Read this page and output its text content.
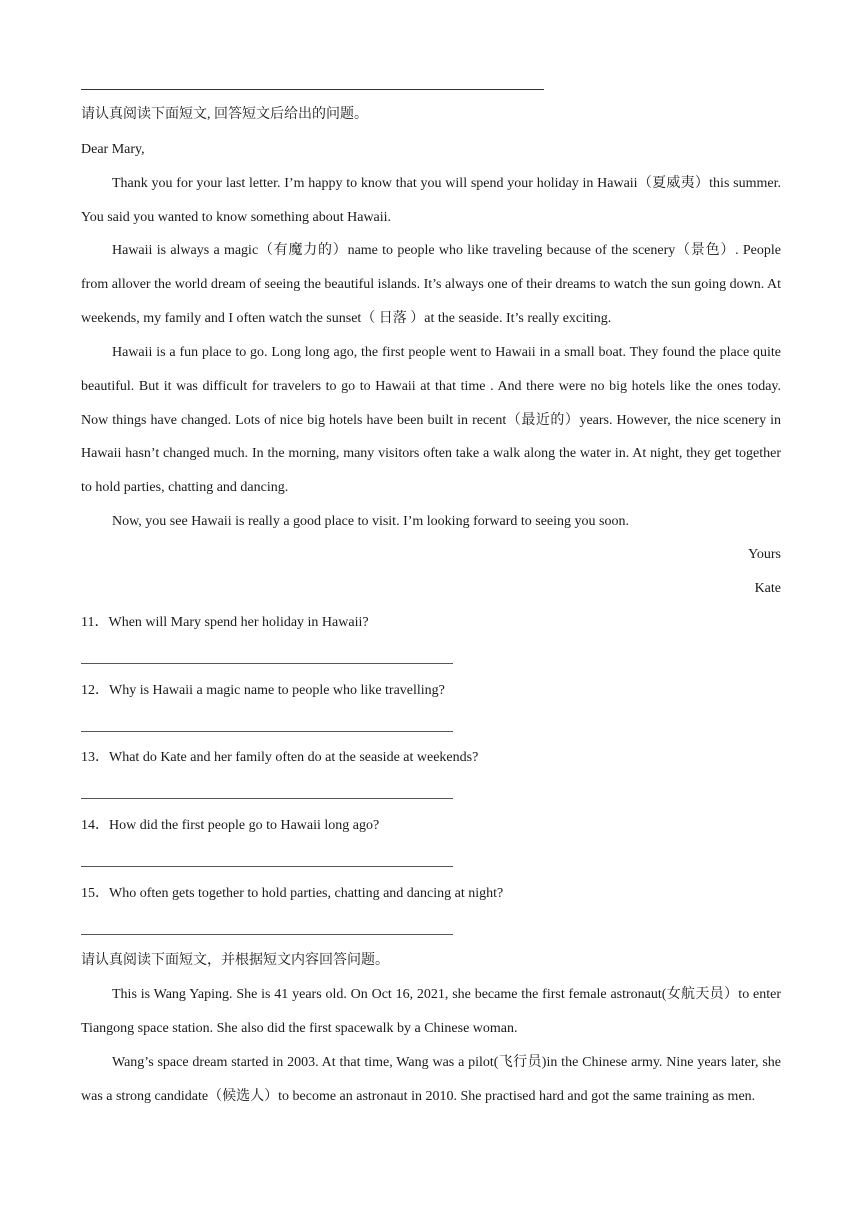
请认真阅读下面短文, 回答短文后给出的问题。
Dear Mary,
Thank you for your last letter. I’m happy to know that you will spend your holiday in Hawaii（夏威夷）this summer. You said you wanted to know something about Hawaii.
Hawaii is always a magic（有魔力的）name to people who like traveling because of the scenery（景色）. People from allover the world dream of seeing the beautiful islands. It’s always one of their dreams to watch the sun going down. At weekends, my family and I often watch the sunset（ 日落 ）at the seaside. It’s really exciting.
Hawaii is a fun place to go. Long long ago, the first people went to Hawaii in a small boat. They found the place quite beautiful. But it was difficult for travelers to go to Hawaii at that time . And there were no big hotels like the ones today. Now things have changed. Lots of nice big hotels have been built in recent（最近的）years. However, the nice scenery in Hawaii hasn’t changed much. In the morning, many visitors often take a walk along the water in. At night, they get together to hold parties, chatting and dancing.
Now, you see Hawaii is really a good place to visit. I’m looking forward to seeing you soon.
Yours
Kate
11．When will Mary spend her holiday in Hawaii?
12．Why is Hawaii a magic name to people who like travelling?
13．What do Kate and her family often do at the seaside at weekends?
14．How did the first people go to Hawaii long ago?
15．Who often gets together to hold parties, chatting and dancing at night?
请认真阅读下面短文，并根据短文内容回答问题。
This is Wang Yaping. She is 41 years old. On Oct 16, 2021, she became the first female astronaut(女航天员）to enter Tiangong space station. She also did the first spacewalk by a Chinese woman.
Wang’s space dream started in 2003. At that time, Wang was a pilot(飞行员)in the Chinese army. Nine years later, she was a strong candidate（候选人）to become an astronaut in 2010. She practised hard and got the same training as men.
